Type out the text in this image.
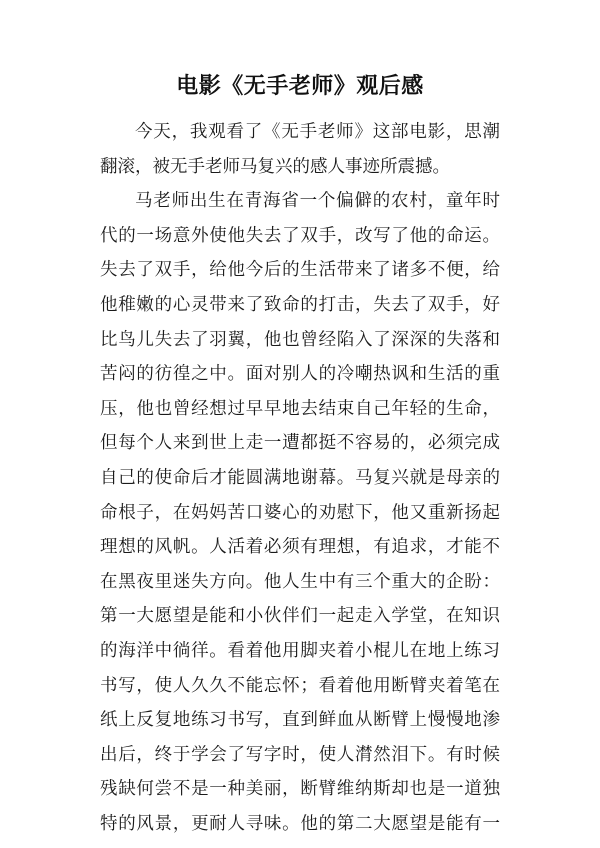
电影《无手老师》观后感
今天，我观看了《无手老师》这部电影，思潮
翻滚，被无手老师马复兴的感人事迹所震撼。
马老师出生在青海省一个偏僻的农村，童年时
代的一场意外使他失去了双手，改写了他的命运。
失去了双手，给他今后的生活带来了诸多不便，给
他稚嫩的心灵带来了致命的打击，失去了双手，好
比鸟儿失去了羽翼，他也曾经陷入了深深的失落和
苦闷的彷徨之中。面对别人的冷嘲热讽和生活的重
压，他也曾经想过早早地去结束自己年轻的生命，
但每个人来到世上走一遭都挺不容易的，必须完成
自己的使命后才能圆满地谢幕。马复兴就是母亲的
命根子，在妈妈苦口婆心的劝慰下，他又重新扬起
理想的风帆。人活着必须有理想，有追求，才能不
在黑夜里迷失方向。他人生中有三个重大的企盼：
第一大愿望是能和小伙伴们一起走入学堂，在知识
的海洋中徜徉。看着他用脚夹着小棍儿在地上练习
书写，使人久久不能忘怀；看着他用断臂夹着笔在
纸上反复地练习书写，直到鲜血从断臂上慢慢地渗
出后，终于学会了写字时，使人潸然泪下。有时候
残缺何尝不是一种美丽，断臂维纳斯却也是一道独
特的风景，更耐人寻味。他的第二大愿望是能有一
